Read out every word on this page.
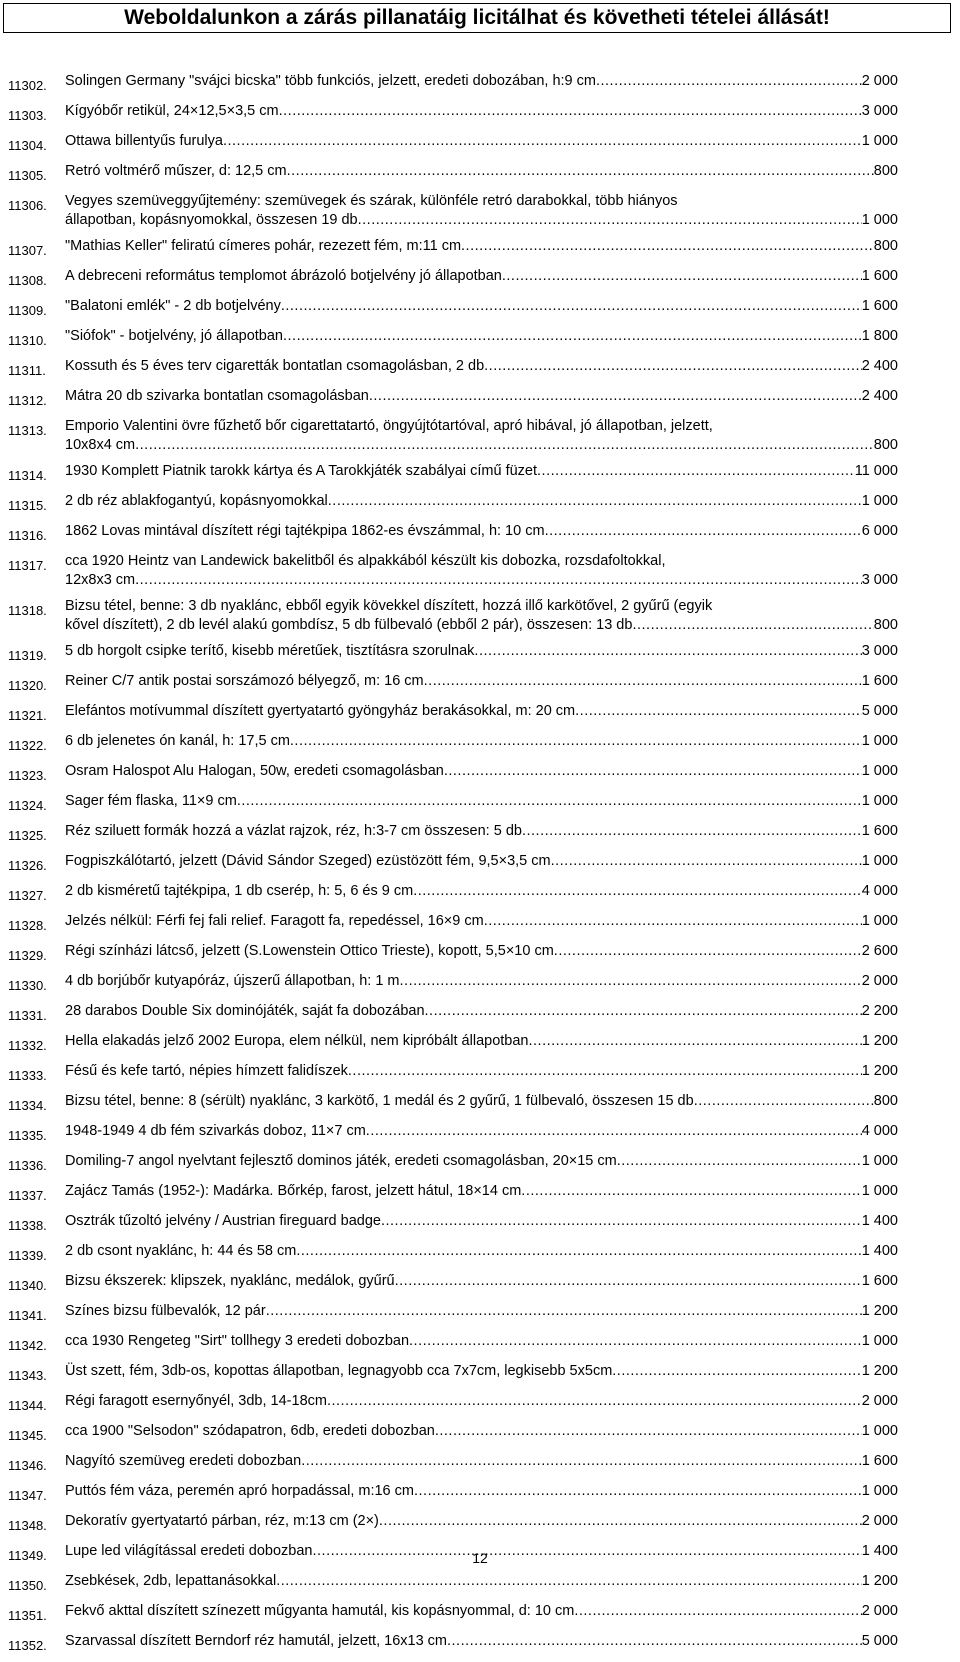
Weboldalunkon a zárás pillanatáig licitálhat és követheti tételei állását!
11302.	Solingen Germany "svájci bicska" több funkciós, jelzett, eredeti dobozában, h:9 cm .....	2 000
11303.	Kígyóbőr retikül, 24×12,5×3,5 cm .....	3 000
11304.	Ottawa billentyűs furulya .....	1 000
11305.	Retró voltmérő műszer, d: 12,5 cm .....	800
11306.	Vegyes szemüveggyűjtemény: szemüvegek és szárak, különféle retró darabokkal, több hiányos
állapotban, kopásnyomokkal, összesen 19 db .....	1 000
11307.	"Mathias Keller" feliratú címeres pohár, rezezett fém, m:11 cm .....	800
11308.	A debreceni református templomot ábrázoló botjelvény jó állapotban .....	1 600
11309.	"Balatoni emlék" - 2 db botjelvény .....	1 600
11310.	"Siófok" - botjelvény, jó állapotban .....	1 800
11311.	Kossuth és 5 éves terv cigaretták bontatlan csomagolásban, 2 db .....	2 400
11312.	Mátra 20 db szivarka bontatlan csomagolásban .....	2 400
11313.	Emporio Valentini övre fűzhető bőr cigarettatartó, öngyújtótartóval, apró hibával, jó állapotban, jelzett,
10x8x4 cm .....	800
11314.	1930 Komplett Piatnik tarokk kártya és A Tarokkjáték szabályai című füzet .....	11 000
11315.	2 db réz ablakfogantyú, kopásnyomokkal .....	1 000
11316.	1862 Lovas mintával díszített régi tajtékpipa 1862-es évszámmal, h: 10 cm .....	6 000
11317.	cca 1920 Heintz van Landewick bakelitből és alpakkából készült kis dobozka, rozsdafoltokkal,
12x8x3 cm .....	3 000
11318.	Bizsu tétel, benne: 3 db nyaklánc, ebből egyik kövekkel díszített, hozzá illő karkötővel, 2 gyűrű (egyik
kővel díszített), 2 db levél alakú gombdísz, 5 db fülbevaló (ebből 2 pár), összesen: 13 db .....	800
11319.	5 db horgolt csipke terítő, kisebb méretűek, tisztításra szorulnak .....	3 000
11320.	Reiner C/7 antik postai sorszámozó bélyegző, m: 16 cm .....	1 600
11321.	Elefántos motívummal díszített gyertyatartó gyöngyház berakásokkal, m: 20 cm .....	5 000
11322.	6 db jelenetes ón kanál, h: 17,5 cm .....	1 000
11323.	Osram Halospot Alu Halogan, 50w, eredeti csomagolásban .....	1 000
11324.	Sager fém flaska, 11×9 cm .....	1 000
11325.	Réz sziluett formák hozzá a vázlat rajzok, réz, h:3-7 cm összesen: 5 db .....	1 600
11326.	Fogpiszkálótartó, jelzett (Dávid Sándor Szeged) ezüstözött fém, 9,5×3,5 cm .....	1 000
11327.	2 db kisméretű tajtékpipa, 1 db cserép, h: 5, 6 és 9 cm .....	4 000
11328.	Jelzés nélkül: Férfi fej fali relief. Faragott fa, repedéssel, 16×9 cm .....	1 000
11329.	Régi színházi látcső, jelzett (S.Lowenstein Ottico Trieste), kopott, 5,5×10 cm .....	2 600
11330.	4 db borjúbőr kutyapóráz, újszerű állapotban, h: 1 m .....	2 000
11331.	28 darabos Double Six dominójáték, saját fa dobozában .....	2 200
11332.	Hella elakadás jelző 2002 Europa, elem nélkül, nem kipróbált állapotban .....	1 200
11333.	Fésű és kefe tartó, népies hímzett falidíszek .....	1 200
11334.	Bizsu tétel, benne: 8 (sérült) nyaklánc, 3 karkötő, 1 medál és 2 gyűrű, 1 fülbevaló, összesen 15 db .....	800
11335.	1948-1949 4 db fém szivarkás doboz, 11×7 cm .....	4 000
11336.	Domiling-7 angol nyelvtant fejlesztő dominos játék, eredeti csomagolásban, 20×15 cm .....	1 000
11337.	Zajácz Tamás (1952-): Madárka. Bőrkép, farost, jelzett hátul, 18×14 cm .....	1 000
11338.	Osztrák tűzoltó jelvény / Austrian fireguard badge .....	1 400
11339.	2 db csont nyaklánc, h: 44 és 58 cm .....	1 400
11340.	Bizsu ékszerek: klipszek, nyaklánc, medálok, gyűrű .....	1 600
11341.	Színes bizsu fülbevalók, 12 pár .....	1 200
11342.	cca 1930 Rengeteg "Sirt" tollhegy 3 eredeti dobozban .....	1 000
11343.	Üst szett, fém, 3db-os, kopottas állapotban, legnagyobb cca 7x7cm, legkisebb 5x5cm .....	1 200
11344.	Régi faragott esernyőnyél, 3db, 14-18cm .....	2 000
11345.	cca 1900 "Selsodon" szódapatron, 6db, eredeti dobozban .....	1 000
11346.	Nagyító szemüveg eredeti dobozban .....	1 600
11347.	Puttós fém váza, peremén apró horpadással, m:16 cm .....	1 000
11348.	Dekoratív gyertyatartó párban, réz, m:13 cm (2×) .....	2 000
11349.	Lupe led világítással eredeti dobozban .....	1 400
11350.	Zsebkések, 2db, lepattanásokkal .....	1 200
11351.	Fekvő akttal díszített színezett műgyanta hamutál, kis kopásnyommal, d: 10 cm .....	2 000
11352.	Szarvassal díszített Berndorf réz hamutál, jelzett, 16x13 cm .....	5 000
12
